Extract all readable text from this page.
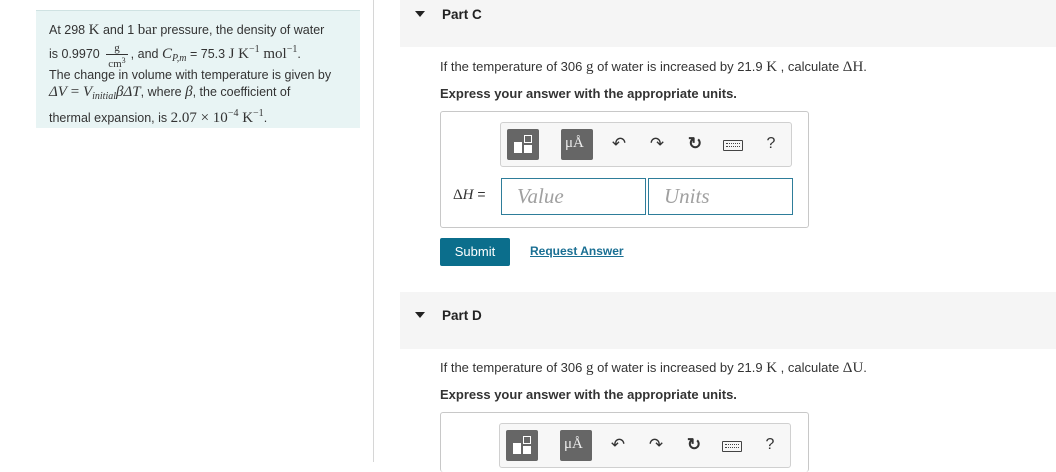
At 298 K and 1 bar pressure, the density of water
is $0.9970 \frac{g}{cm^3}$ , and $C_{P,m} = 75.3$ J $K^{-1}$ mol$^{-1}$.
The change in volume with temperature is given by
$\Delta V = V_{initial}\beta\Delta T$, where β, the coefficient of
thermal expansion, is $2.07 \times 10^{-4}$ $K^{-1}$.
Part C
If the temperature of 306 g of water is increased by 21.9 K , calculate ΔH.
Express your answer with the appropriate units.
μÅ ↶ ↷ ↻	?
ΔH =	Value	Units
Submit	Request Answer
Part D
If the temperature of 306 g of water is increased by 21.9 K , calculate ΔU.
Express your answer with the appropriate units.
μÅ ↶ ↷ ↻	?
